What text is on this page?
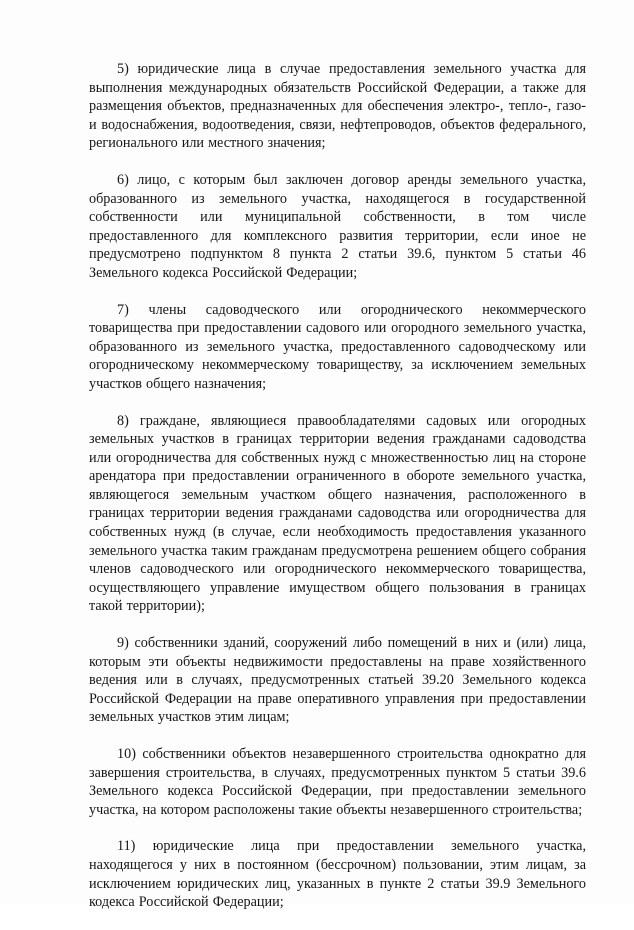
5) юридические лица в случае предоставления земельного участка для выполнения международных обязательств Российской Федерации, а также для размещения объектов, предназначенных для обеспечения электро-, тепло-, газо- и водоснабжения, водоотведения, связи, нефтепроводов, объектов федерального, регионального или местного значения;

6) лицо, с которым был заключен договор аренды земельного участка, образованного из земельного участка, находящегося в государственной собственности или муниципальной собственности, в том числе предоставленного для комплексного развития территории, если иное не предусмотрено подпунктом 8 пункта 2 статьи 39.6, пунктом 5 статьи 46 Земельного кодекса Российской Федерации;

7) члены садоводческого или огороднического некоммерческого товарищества при предоставлении садового или огородного земельного участка, образованного из земельного участка, предоставленного садоводческому или огородническому некоммерческому товариществу, за исключением земельных участков общего назначения;

8) граждане, являющиеся правообладателями садовых или огородных земельных участков в границах территории ведения гражданами садоводства или огородничества для собственных нужд с множественностью лиц на стороне арендатора при предоставлении ограниченного в обороте земельного участка, являющегося земельным участком общего назначения, расположенного в границах территории ведения гражданами садоводства или огородничества для собственных нужд (в случае, если необходимость предоставления указанного земельного участка таким гражданам предусмотрена решением общего собрания членов садоводческого или огороднического некоммерческого товарищества, осуществляющего управление имуществом общего пользования в границах такой территории);

9) собственники зданий, сооружений либо помещений в них и (или) лица, которым эти объекты недвижимости предоставлены на праве хозяйственного ведения или в случаях, предусмотренных статьей 39.20 Земельного кодекса Российской Федерации на праве оперативного управления при предоставлении земельных участков этим лицам;

10) собственники объектов незавершенного строительства однократно для завершения строительства, в случаях, предусмотренных пунктом 5 статьи 39.6 Земельного кодекса Российской Федерации, при предоставлении земельного участка, на котором расположены такие объекты незавершенного строительства;

11) юридические лица при предоставлении земельного участка, находящегося у них в постоянном (бессрочном) пользовании, этим лицам, за исключением юридических лиц, указанных в пункте 2 статьи 39.9 Земельного кодекса Российской Федерации;
